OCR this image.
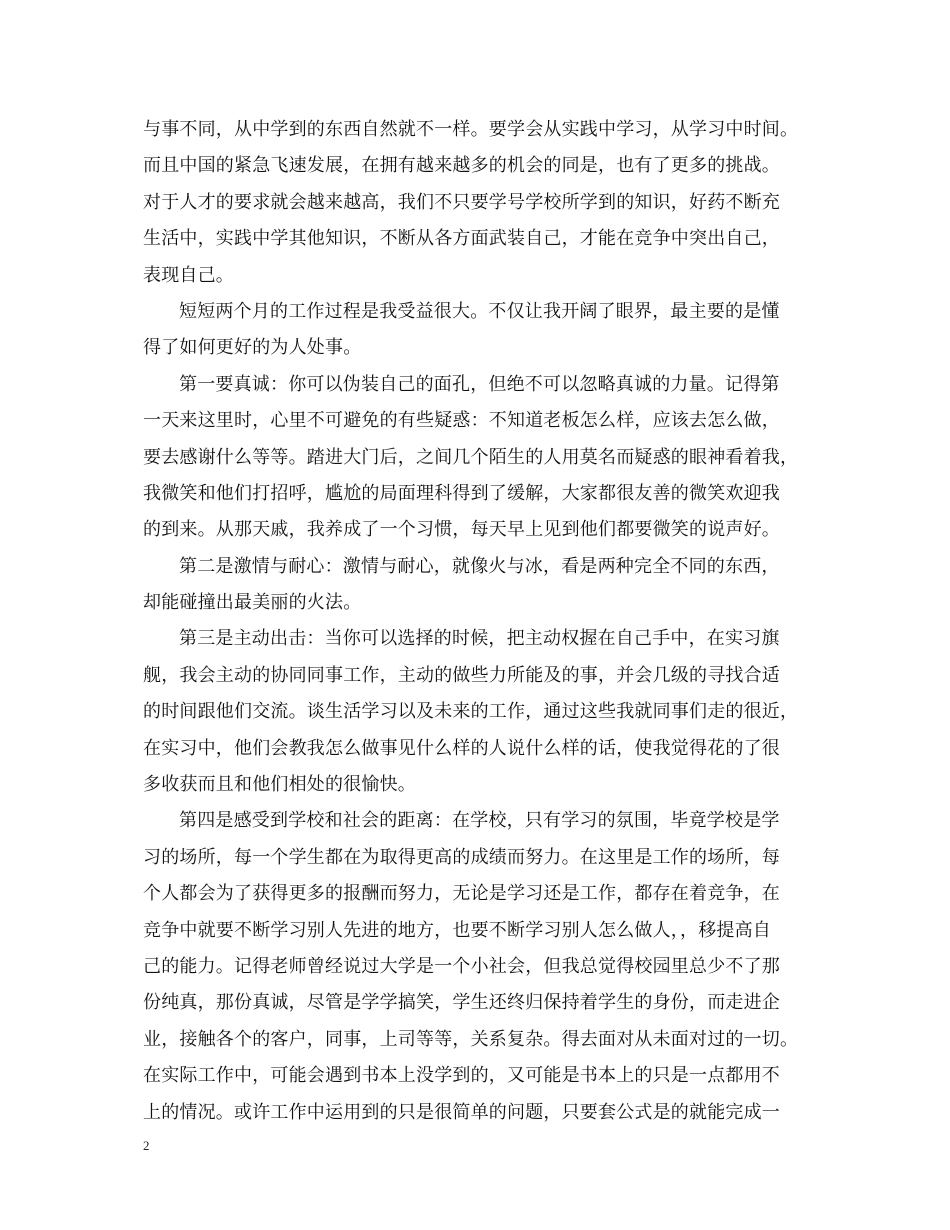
与事不同，从中学到的东西自然就不一样。要学会从实践中学习，从学习中时间。
而且中国的紧急飞速发展，在拥有越来越多的机会的同是，也有了更多的挑战。
对于人才的要求就会越来越高，我们不只要学号学校所学到的知识，好药不断充
生活中，实践中学其他知识，不断从各方面武装自己，才能在竞争中突出自己，
表现自己。

短短两个月的工作过程是我受益很大。不仅让我开阔了眼界，最主要的是懂
得了如何更好的为人处事。

第一要真诚：你可以伪装自己的面孔，但绝不可以忽略真诚的力量。记得第
一天来这里时，心里不可避免的有些疑惑：不知道老板怎么样，应该去怎么做，
要去感谢什么等等。踏进大门后，之间几个陌生的人用莫名而疑惑的眼神看着我，
我微笑和他们打招呼，尴尬的局面理科得到了缓解，大家都很友善的微笑欢迎我
的到来。从那天戚，我养成了一个习惯，每天早上见到他们都要微笑的说声好。

第二是激情与耐心：激情与耐心，就像火与冰，看是两种完全不同的东西，
却能碰撞出最美丽的火法。

第三是主动出击：当你可以选择的时候，把主动权握在自己手中，在实习旗
舰，我会主动的协同同事工作，主动的做些力所能及的事，并会几级的寻找合适
的时间跟他们交流。谈生活学习以及未来的工作，通过这些我就同事们走的很近，
在实习中，他们会教我怎么做事见什么样的人说什么样的话，使我觉得花的了很
多收获而且和他们相处的很愉快。

第四是感受到学校和社会的距离：在学校，只有学习的氛围，毕竟学校是学
习的场所，每一个学生都在为取得更高的成绩而努力。在这里是工作的场所，每
个人都会为了获得更多的报酬而努力，无论是学习还是工作，都存在着竞争，在
竞争中就要不断学习别人先进的地方，也要不断学习别人怎么做人，，移提高自
己的能力。记得老师曾经说过大学是一个小社会，但我总觉得校园里总少不了那
份纯真，那份真诚，尽管是学学搞笑，学生还终归保持着学生的身份，而走进企
业，接触各个的客户，同事，上司等等，关系复杂。得去面对从未面对过的一切。
在实际工作中，可能会遇到书本上没学到的，又可能是书本上的只是一点都用不
上的情况。或许工作中运用到的只是很简单的问题，只要套公式是的就能完成一

2
